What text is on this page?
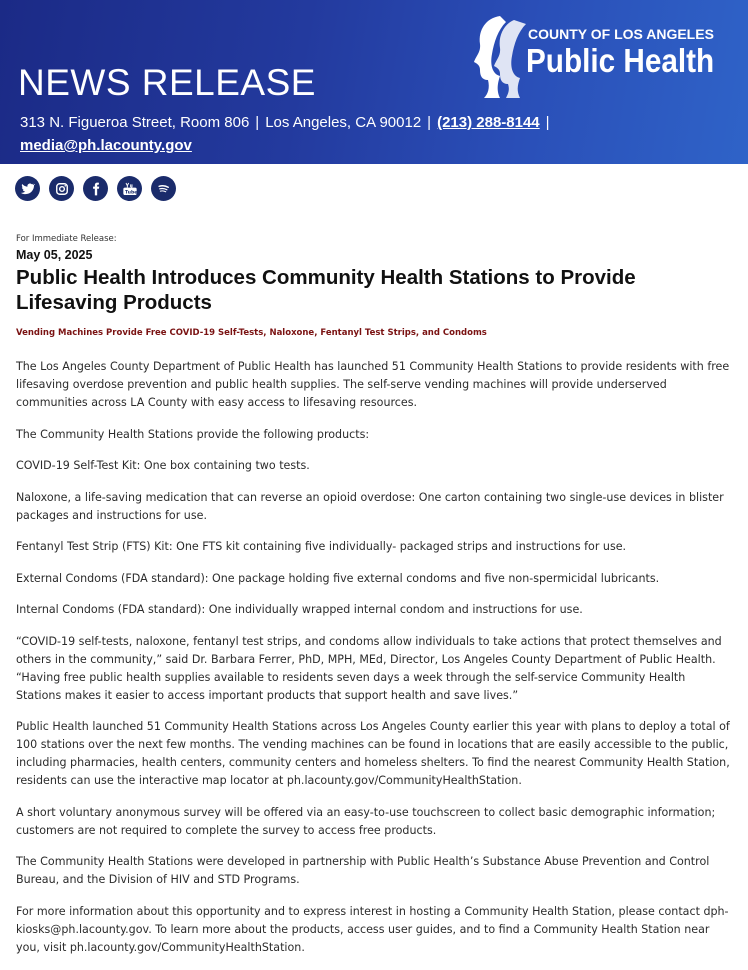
NEWS RELEASE
313 N. Figueroa Street, Room 806 | Los Angeles, CA 90012 | (213) 288-8144 |
media@ph.lacounty.gov
COUNTY OF LOS ANGELES
Public Health
Tube
For Immediate Release:
May 05, 2025
Public Health Introduces Community Health Stations to Provide
Lifesaving Products
Vending Machines Provide Free COVID-19 Self-Tests, Naloxone, Fentanyl Test Strips, and Condoms

The Los Angeles County Department of Public Health has launched 51 Community Health Stations to provide residents with free lifesaving overdose prevention and public health supplies. The self-serve vending machines will provide underserved communities across LA County with easy access to lifesaving resources.

The Community Health Stations provide the following products:

COVID-19 Self-Test Kit: One box containing two tests.

Naloxone, a life-saving medication that can reverse an opioid overdose: One carton containing two single-use devices in blister packages and instructions for use.

Fentanyl Test Strip (FTS) Kit: One FTS kit containing five individually- packaged strips and instructions for use.

External Condoms (FDA standard): One package holding five external condoms and five non-spermicidal lubricants.

Internal Condoms (FDA standard): One individually wrapped internal condom and instructions for use.

“COVID-19 self-tests, naloxone, fentanyl test strips, and condoms allow individuals to take actions that protect themselves and others in the community,” said Dr. Barbara Ferrer, PhD, MPH, MEd, Director, Los Angeles County Department of Public Health. “Having free public health supplies available to residents seven days a week through the self-service Community Health Stations makes it easier to access important products that support health and save lives.”

Public Health launched 51 Community Health Stations across Los Angeles County earlier this year with plans to deploy a total of 100 stations over the next few months. The vending machines can be found in locations that are easily accessible to the public, including pharmacies, health centers, community centers and homeless shelters. To find the nearest Community Health Station, residents can use the interactive map locator at ph.lacounty.gov/CommunityHealthStation.

A short voluntary anonymous survey will be offered via an easy-to-use touchscreen to collect basic demographic information; customers are not required to complete the survey to access free products.

The Community Health Stations were developed in partnership with Public Health’s Substance Abuse Prevention and Control Bureau, and the Division of HIV and STD Programs.

For more information about this opportunity and to express interest in hosting a Community Health Station, please contact dph-kiosks@ph.lacounty.gov. To learn more about the products, access user guides, and to find a Community Health Station near you, visit ph.lacounty.gov/CommunityHealthStation.
